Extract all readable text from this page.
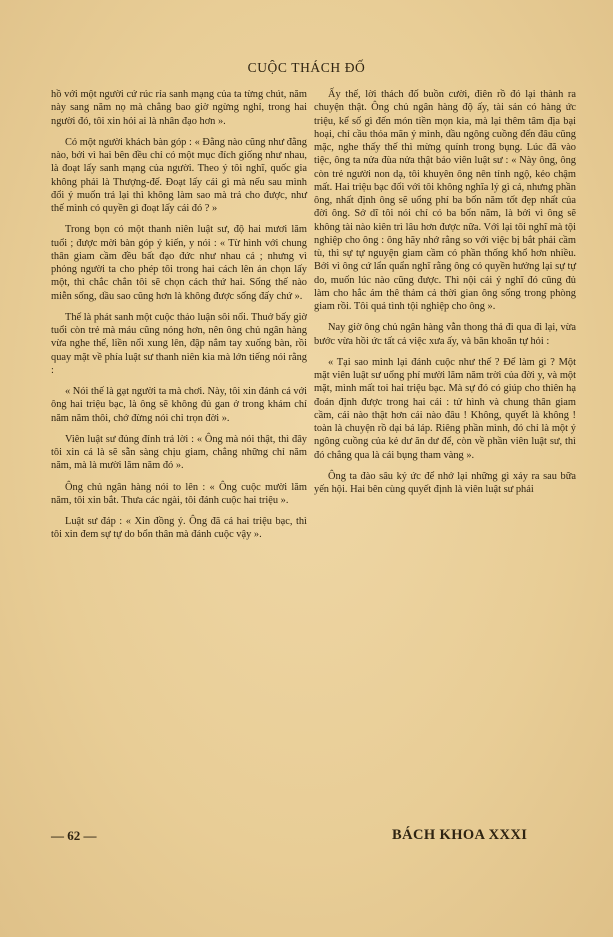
CUỘC THÁCH ĐỐ

hồ với một người cứ rúc rỉa sanh mạng của ta từng chút, năm này sang năm nọ mà chẳng bao giờ ngừng nghỉ, trong hai người đó, tôi xin hỏi ai là nhân đạo hơn ».

Có một người khách bàn góp : « Đằng nào cũng như đằng nào, bởi vì hai bên đều chỉ có một mục đích giống như nhau, là đoạt lấy sanh mạng của người. Theo ý tôi nghĩ, quốc gia không phải là Thượng-đế. Đoạt lấy cái gì mà nếu sau mình đổi ý muốn trả lại thì không làm sao mà trả cho được, như thế mình có quyền gì đoạt lấy cái đó ? »

Trong bọn có một thanh niên luật sư, độ hai mươi lăm tuổi ; được mời bàn góp ý kiến, y nói : « Từ hình với chung thân giam cầm đều bất đạo đức như nhau cả ; nhưng vì phỏng người ta cho phép tôi trong hai cách lên án chọn lấy một, thì chắc chắn tôi sẽ chọn cách thứ hai. Sống thế nào miễn sống, dầu sao cũng hơn là không được sống đấy chứ ».

Thế là phát sanh một cuộc thảo luận sôi nổi. Thuở bấy giờ tuổi còn trẻ mà máu cũng nóng hơn, nên ông chủ ngân hàng vừa nghe thế, liền nổi xung lên, đập nắm tay xuống bàn, rồi quay mặt về phía luật sư thanh niên kia mà lớn tiếng nói rằng :

« Nói thế là gạt người ta mà chơi. Này, tôi xin đánh cá với ông hai triệu bạc, là ông sẽ không đủ gan ở trong khám chỉ năm năm thôi, chớ đừng nói chi trọn đời ».

Viên luật sư đủng đỉnh trả lời : « Ông mà nói thật, thì đây tôi xin cá là sẽ sẵn sàng chịu giam, chẳng những chỉ năm năm, mà là mười lăm năm đó ».

Ông chủ ngân hàng nói to lên : « Ông cuộc mười lăm năm, tôi xin bắt. Thưa các ngài, tôi đánh cuộc hai triệu ».

Luật sư đáp : « Xin đồng ý. Ông đã cá hai triệu bạc, thì tôi xin đem sự tự do bổn thân mà đánh cuộc vậy ».

Ấy thế, lời thách đố buồn cười, điên rồ đó lại thành ra chuyện thật. Ông chủ ngân hàng độ ấy, tài sản có hàng ức triệu, kể số gì đến món tiền mọn kia, mà lại thêm tâm địa bại hoại, chỉ cầu thỏa mãn ý mình, dầu ngông cuồng đến đâu cũng mặc, nghe thấy thế thì mừng quính trong bụng. Lúc đã vào tiệc, ông ta nửa đùa nửa thật bảo viên luật sư : « Này ông, ông còn trẻ người non dạ, tôi khuyên ông nên tỉnh ngộ, kẻo chậm mất. Hai triệu bạc đối với tôi không nghĩa lý gì cả, nhưng phần ông, nhất định ông sẽ uổng phí ba bốn năm tốt đẹp nhất của đời ông. Sở dĩ tôi nói chỉ có ba bốn năm, là bởi vì ông sẽ không tài nào kiên trì lâu hơn được nữa. Với lại tôi nghĩ mà tội nghiệp cho ông : ông hãy nhớ rằng so với việc bị bắt phải cầm tù, thì sự tự nguyện giam cầm có phần thống khổ hơn nhiều. Bởi vì ông cứ lẩn quẩn nghĩ rằng ông có quyền hưởng lại sự tự do, muốn lúc nào cũng được. Thì nội cái ý nghĩ đó cũng đủ làm cho hắc ám thê thảm cả thời gian ông sống trong phòng giam rồi. Tôi quả tình tội nghiệp cho ông ».

Nay giờ ông chủ ngân hàng vẫn thong thả đi qua đi lại, vừa bước vừa hồi ức tất cả việc xưa ấy, và băn khoăn tự hỏi :

« Tại sao mình lại đánh cuộc như thế ? Để làm gì ? Một mặt viên luật sư uổng phí mười lăm năm trời của đời y, và một mặt, mình mất toi hai triệu bạc. Mà sự đó có giúp cho thiên hạ đoán định được trong hai cái : tử hình và chung thân giam cầm, cái nào thật hơn cái nào đâu ! Không, quyết là không ! toàn là chuyện rồ dại bá láp. Riêng phần mình, đó chỉ là một ý ngông cuồng của kẻ dư ăn dư để, còn về phần viên luật sư, thì đó chẳng qua là cái bụng tham vàng ».

Ông ta đào sâu ký ức để nhớ lại những gì xảy ra sau bữa yến hội. Hai bên cùng quyết định là viên luật sư phải

— 62 —	BÁCH KHOA XXXI
